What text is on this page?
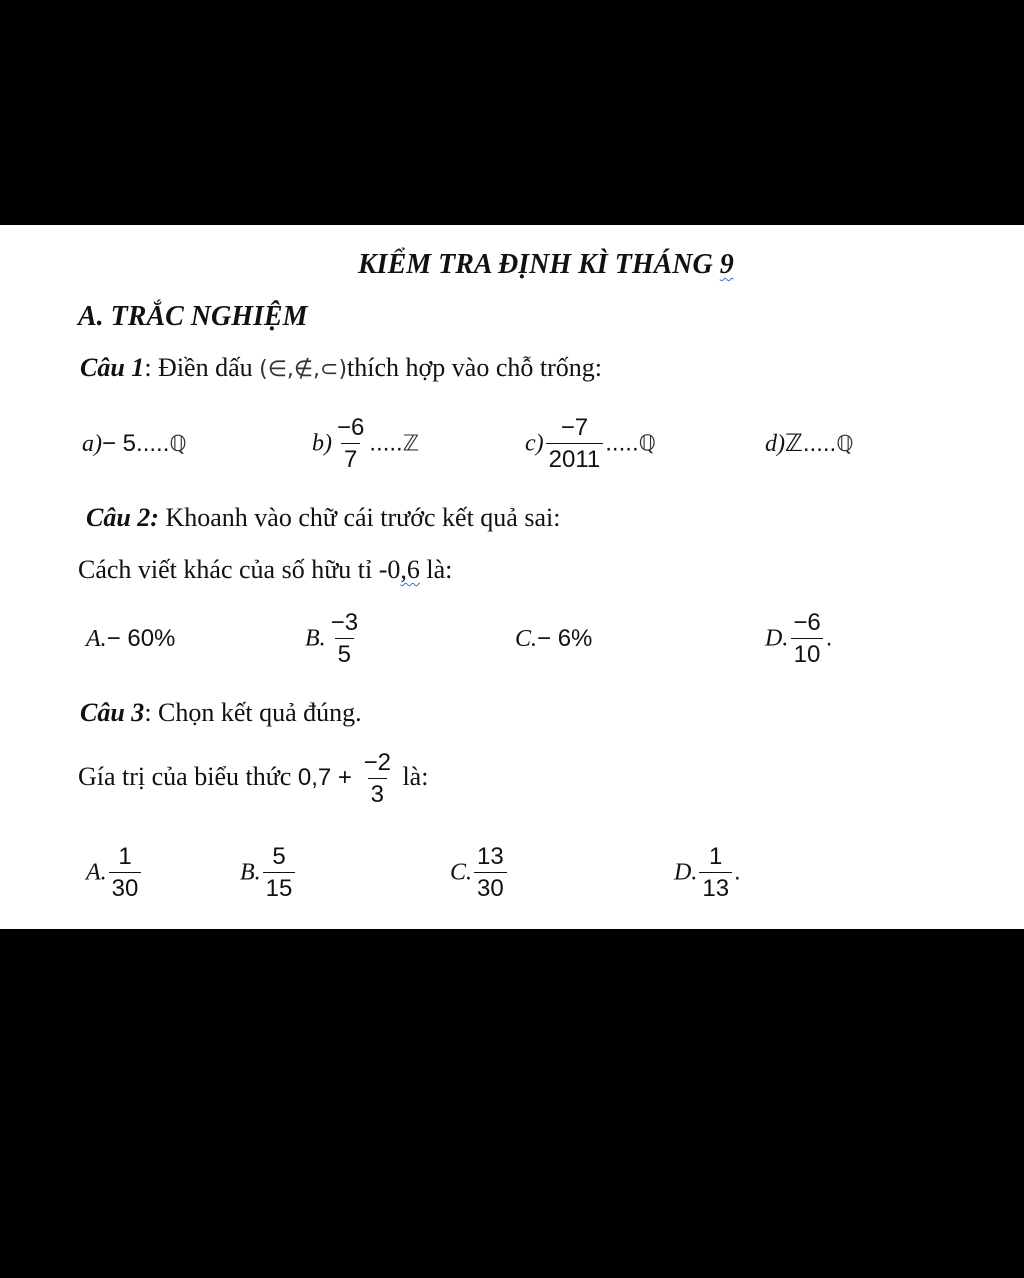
KIỂM TRA ĐỊNH KÌ THÁNG 9
A. TRẮC NGHIỆM
Câu 1: Điền dấu (∈,∉,⊂)thích hợp vào chỗ trống:
a)− 5.....ℚ	$b) \frac{-6}{7}$ .....ℤ	$c) \frac{-7}{2011}$ .....ℚ	d)ℤ.....ℚ
Câu 2: Khoanh vào chữ cái trước kết quả sai:
Cách viết khác của số hữu tỉ -0,6 là:
A.− 60%	B. $\frac{-3}{5}$	C.− 6%	D. $\frac{-6}{10}$ .
Câu 3: Chọn kết quả đúng.
Gía trị của biểu thức $0,7 + \frac{-2}{3}$ là:
A. $\frac{1}{30}$	B. $\frac{5}{15}$	C. $\frac{13}{30}$	D. $\frac{1}{13}$ .
